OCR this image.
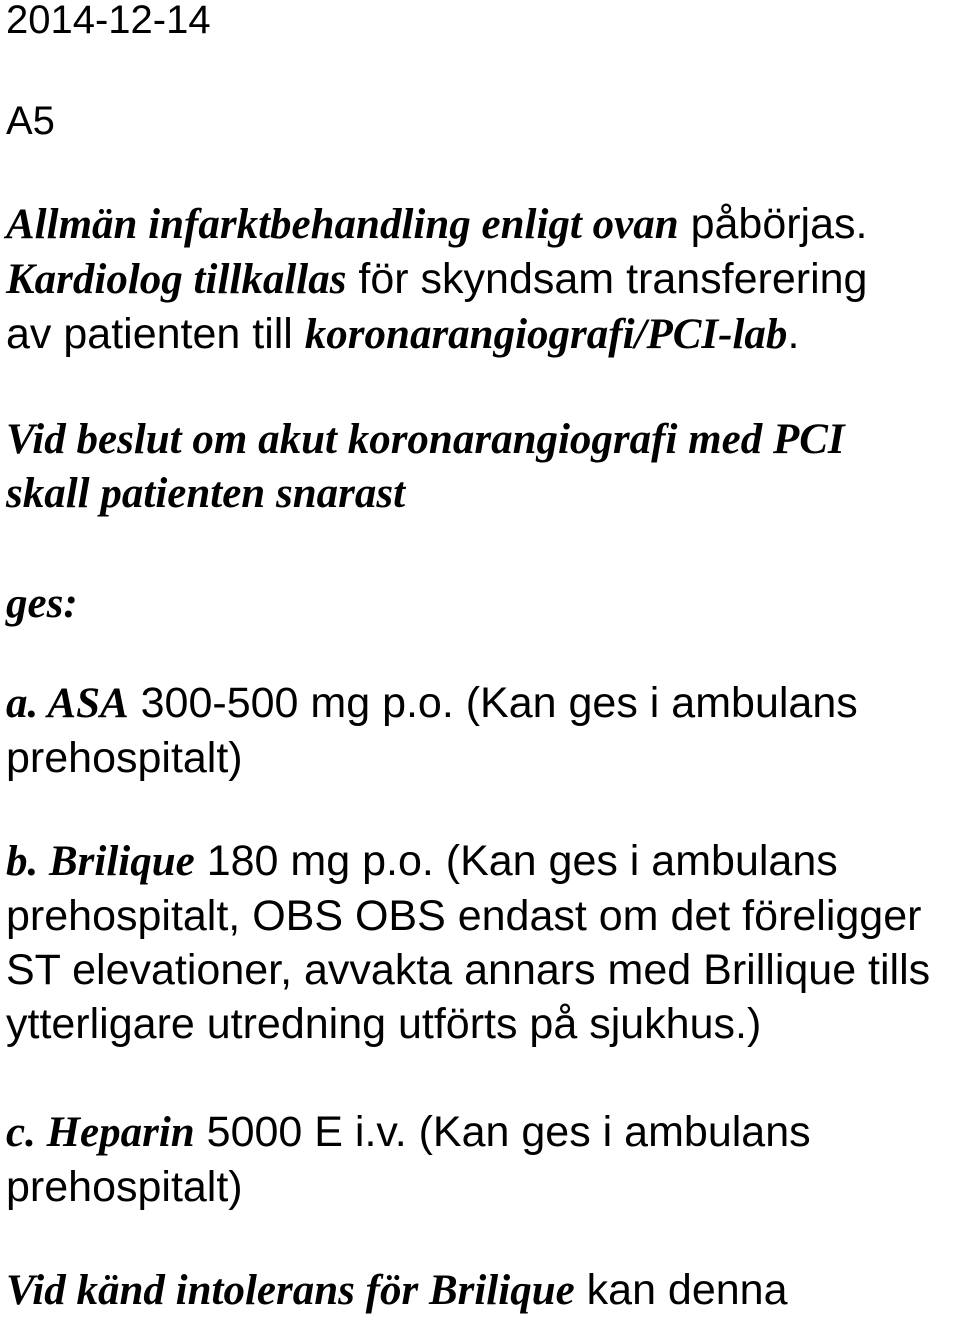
2014-12-14
A5

Allmän infarktbehandling enligt ovan påbörjas.

Kardiolog tillkallas för skyndsam transferering

av patienten till koronarangiografi/PCI-lab.

Vid beslut om akut koronarangiografi med PCI

skall patienten snarast

ges:

a. ASA 300-500 mg p.o. (Kan ges i ambulans

prehospitalt)

b. Brilique 180 mg p.o. (Kan ges i ambulans

prehospitalt, OBS OBS endast om det föreligger

ST elevationer, avvakta annars med Brillique tills

ytterligare utredning utförts på sjukhus.)

c. Heparin 5000 E i.v. (Kan ges i ambulans

prehospitalt)

Vid känd intolerans för Brilique kan denna
